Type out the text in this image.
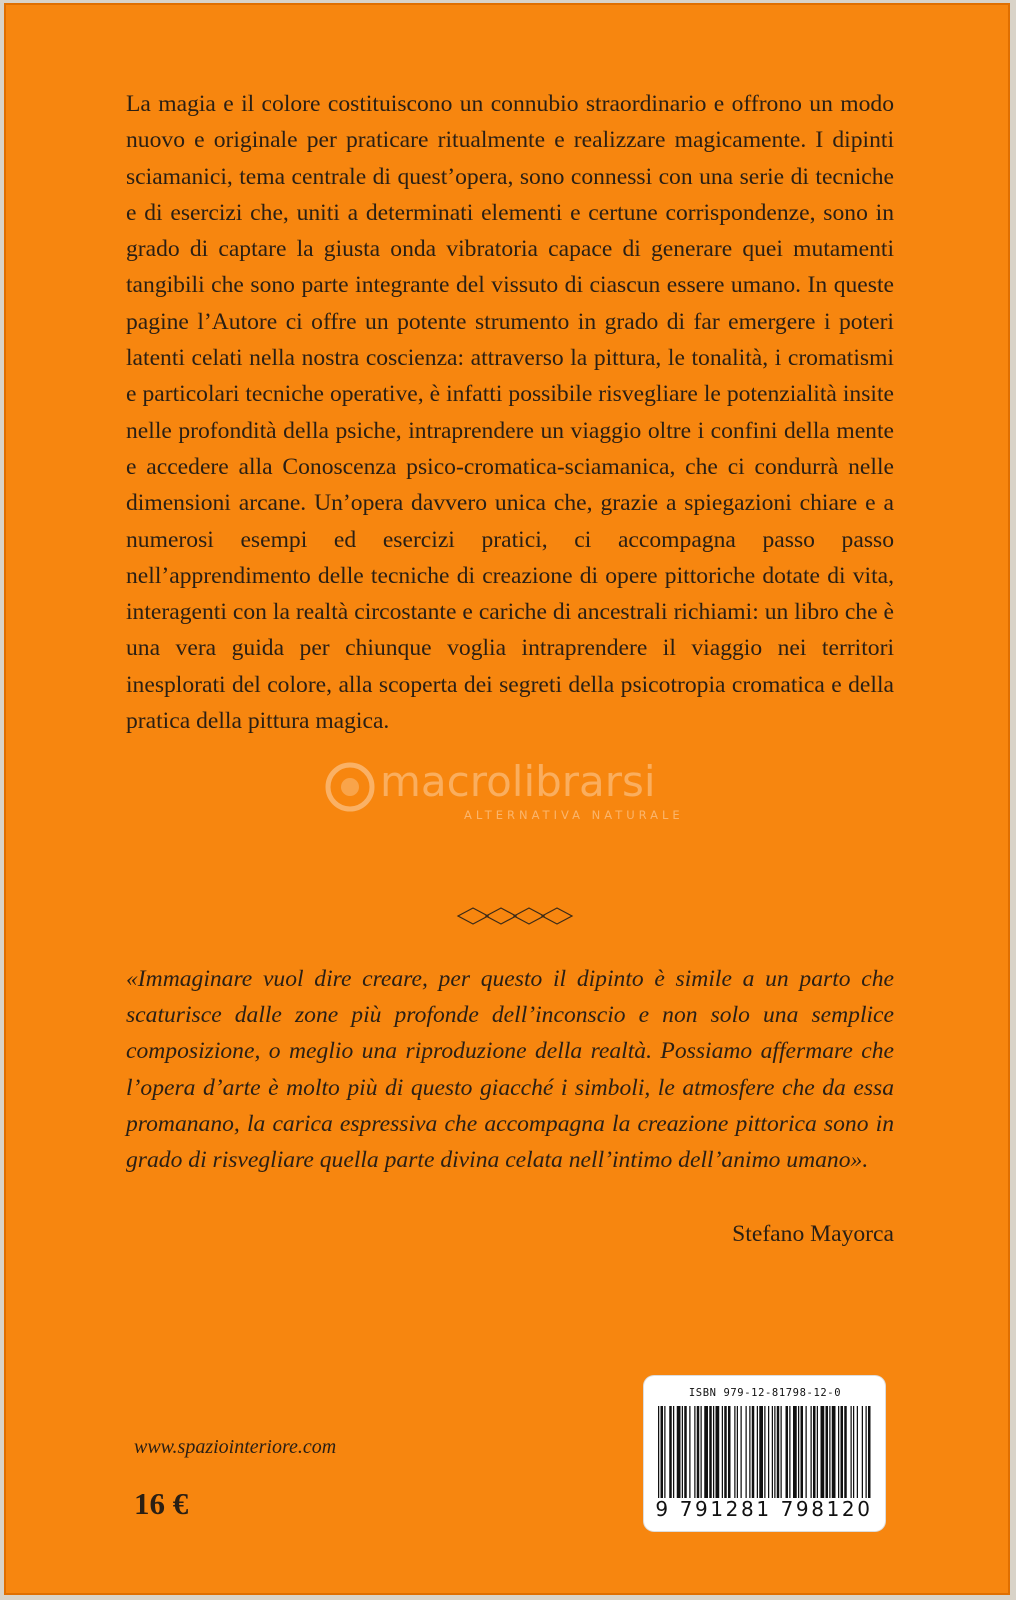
La magia e il colore costituiscono un connubio straordinario e offrono un modo nuovo e originale per praticare ritualmente e realizzare magicamente. I dipinti sciamanici, tema centrale di quest’opera, sono connessi con una serie di tecniche e di esercizi che, uniti a determinati elementi e certune corrispondenze, sono in grado di captare la giusta onda vibratoria capace di generare quei mutamenti tangibili che sono parte integrante del vissuto di ciascun essere umano. In queste pagine l’Autore ci offre un potente strumento in grado di far emergere i poteri latenti celati nella nostra coscienza: attraverso la pittura, le tonalità, i cromatismi e particolari tecniche operative, è infatti possibile risvegliare le potenzialità insite nelle profondità della psiche, intraprendere un viaggio oltre i confini della mente e accedere alla Conoscenza psico-cromatica-sciamanica, che ci condurrà nelle dimensioni arcane. Un’opera davvero unica che, grazie a spiegazioni chiare e a numerosi esempi ed esercizi pratici, ci accompagna passo passo nell’apprendimento delle tecniche di creazione di opere pittoriche dotate di vita, interagenti con la realtà circostante e cariche di ancestrali richiami: un libro che è una vera guida per chiunque voglia intraprendere il viaggio nei territori inesplorati del colore, alla scoperta dei segreti della psicotropia cromatica e della pratica della pittura magica.

«Immaginare vuol dire creare, per questo il dipinto è simile a un parto che scaturisce dalle zone più profonde dell’inconscio e non solo una semplice composizione, o meglio una riproduzione della realtà. Possiamo affermare che l’opera d’arte è molto più di questo giacché i simboli, le atmosfere che da essa promanano, la carica espressiva che accompagna la creazione pittorica sono in grado di risvegliare quella parte divina celata nell’intimo dell’animo umano».

Stefano Mayorca
macrolibrarsi
ALTERNATIVA NATURALE
www.spaziointeriore.com
16 €
ISBN 979-12-81798-12-0
9 791281 798120
